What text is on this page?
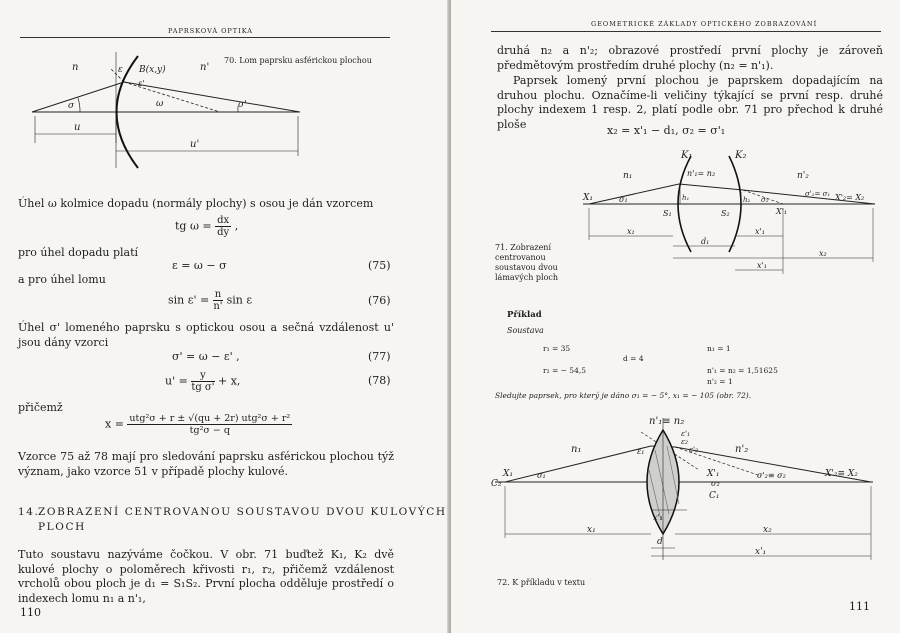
PAPRSKOVÁ OPTIKA
n	n'
ε B(x,y)
ε'
σ	ω	σ'
u
u'
70. Lom paprsku asférickou plochou
Úhel ω kolmice dopadu (normály plochy) s osou je dán vzorcem
tg $\omega = \frac{dx}{dy}$ ,
pro úhel dopadu platí
ε = ω − σ	(75)
a pro úhel lomu
$\sin \varepsilon' = \frac{n}{n'}$ sin ε	(76)
Úhel σ' lomeného paprsku s optickou osou a sečná vzdálenost u' jsou dány vzorci
σ' = ω − ε' ,	(77)
$u' = \frac{y}{\text{tg σ'}} + x$,	(78)
přičemž
$x = \frac{\text{utg²σ + r ± √(qu + 2r) utg²σ + r²}}{\text{tg²σ − q}}$
Vzorce 75 až 78 mají pro sledování paprsku asférickou plochou týž význam, jako vzorce 51 v případě plochy kulové.
14.
ZOBRAZENÍ CENTROVANOU SOUSTAVOU DVOU KULOVÝCH
PLOCH
Tuto soustavu nazýváme čočkou. V obr. 71 buďtež K₁, K₂ dvě kulové plochy o poloměrech křivosti r₁, r₂, přičemž vzdálenost vrcholů obou ploch je d₁ = S₁S₂. První plocha odděluje prostředí o indexech lomu n₁ a n'₁,
110
GEOMETRICKÉ ZÁKLADY OPTICKÉHO ZOBRAZOVÁNÍ
druhá n₂ a n'₂; obrazové prostředí první plochy je zároveň předmětovým prostředím druhé plochy (n₂ = n'₁).
Paprsek lomený první plochou je paprskem dopadajícím na druhou plochu. Označíme-li veličiny týkající se první resp. druhé plochy indexem 1 resp. 2, platí podle obr. 71 pro přechod k druhé ploše	x₂ = x'₁ − d₁, σ₂ = σ'₁
K₁	K₂
n₁	n'₁= n₂	n'₂
X₁	σ₁
S₁
h₁
S₂
h₂ σ₂
X'₁
σ'₂= σ₁ X'₂= X₂
x₁
d₁
x'₁
x₂
x'₁
71. Zobrazení centrovanou soustavou dvou lámavých ploch
Příklad
Soustava
r₁ = 35
r₂ = − 54,5
d = 4
n₁ = 1
n'₁ = n₂ = 1,51625
n'₂ = 1
Sledujte paprsek, pro který je dáno σ₁ = − 5°, x₁ = − 105 (obr. 72).
n'₁≡ n₂
n₁	ε₁
ε'₁
ε₂
ε'₂	n'₂
C₂
X₁	σ₁	X'₁
σ₂
C₁
σ'₂≡ σ₂	X'₂≡ X₂
x'₁
x₁	x₂
d
x'₁
72. K příkladu v textu
111
